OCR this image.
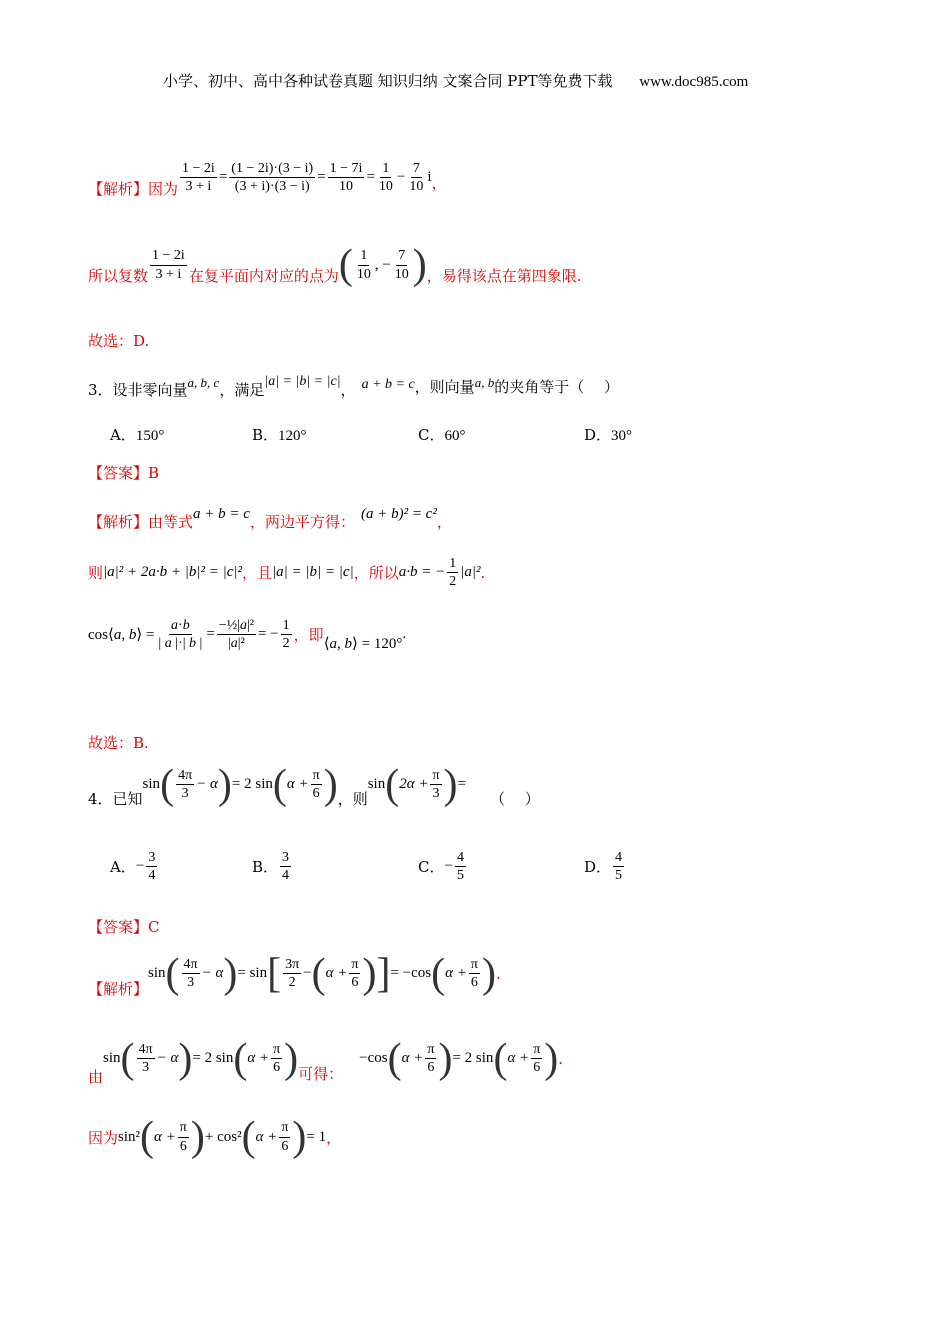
小学、初中、高中各种试卷真题 知识归纳 文案合同 PPT等免费下载 www.doc985.com
【解析】 因为 $\frac{1 - 2i}{3 + i} = \frac{(1 - 2i)\cdot(3 - i)}{(3 + i)\cdot(3 - i)} = \frac{1 - 7i}{10} = \frac{1}{10} - \frac{7}{10}$ i ，
所以复数 $\frac{1 - 2i}{3 + i}$ 在复平面内对应的点为 ( $\frac{1}{10}$ , − $\frac{7}{10}$ ) ，易得该点在第四象限.
故选：D.
3．设非零向量 a, b, c ，满足 |a| = |b| = |c| ， a + b = c ，则向量 a, b 的夹角等于（　 ）
A．150°	B．120°	C．60°	D．30°
【答案】B
【解析】 由等式 a + b = c ，两边平方得： (a + b)² = c² ，
则 |a|² + 2a·b + |b|² = |c|² ，且 |a| = |b| = |c| ，所以 a·b = − $\frac{1}{2} |a|^2$ .
cos⟨a, b⟩ = $\frac{a\cdot b}{| a |\cdot| b |} = \frac{\text{−½|a|²}}{\text{|a|²}}$ = − $\frac{1}{2}$ ，即 ⟨a, b⟩ = 120°
.
故选：B.
4．已知
sin ( $\frac{4\pi}{3} - \alpha$ ) = 2 sin ( $\alpha + \frac{\pi}{6}$ ) ，则
sin ( $2\alpha + \frac{\pi}{3}$ ) =
（　 ）
A． − $\frac{3}{4}$	B． $\frac{3}{4}$	C． − $\frac{4}{5}$	D． $\frac{4}{5}$
【答案】C
【解析】
sin ( $\frac{4\pi}{3} - \alpha$ ) = sin [ $\frac{3\pi}{2}$ − ( $\alpha + \frac{\pi}{6}$ ) ] = −cos ( $\alpha + \frac{\pi}{6}$ ) .
由
sin ( $\frac{4\pi}{3} - \alpha$ ) = 2 sin ( $\alpha + \frac{\pi}{6}$ ) 可得：
−cos ( $\alpha + \frac{\pi}{6}$ ) = 2 sin ( $\alpha + \frac{\pi}{6}$ ) .
因为 sin² ( $\alpha + \frac{\pi}{6}$ ) + cos² ( $\alpha + \frac{\pi}{6}$ ) = 1 ，
